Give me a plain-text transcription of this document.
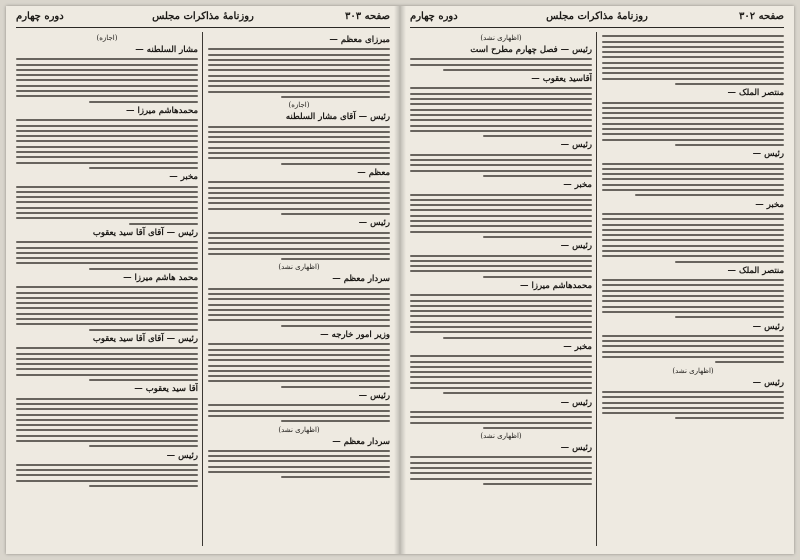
صفحه ۳۰۳
روزنامهٔ مذاکرات مجلس
دوره چهارم
مبرزای معظم —
(اجازه)
رئیس — آقای مشار السلطنه
معظم —
رئیس —
(اظهاری نشد)
سردار معظم —
وزیر امور خارجه —
رئیس —
(اظهاری نشد)
سردار معظم —
(اجازه)
مشار السلطنه —
محمدهاشم میرزا —
مخبر —
رئیس — آقای آقا سید یعقوب
محمد هاشم میرزا —
رئیس — آقای آقا سید یعقوب
آقا سید یعقوب —
رئیس —
صفحه ۳۰۲
روزنامهٔ مذاکرات مجلس
دوره چهارم
منتصر الملک —
رئیس —
مخبر —
منتصر الملک —
رئیس —
(اظهاری نشد)
رئیس —
(اظهاری نشد)
رئیس — فصل چهارم مطرح است
آقاسید یعقوب —
رئیس —
مخبر —
رئیس —
محمدهاشم میرزا —
مخبر —
رئیس —
(اظهاری نشد)
رئیس —
